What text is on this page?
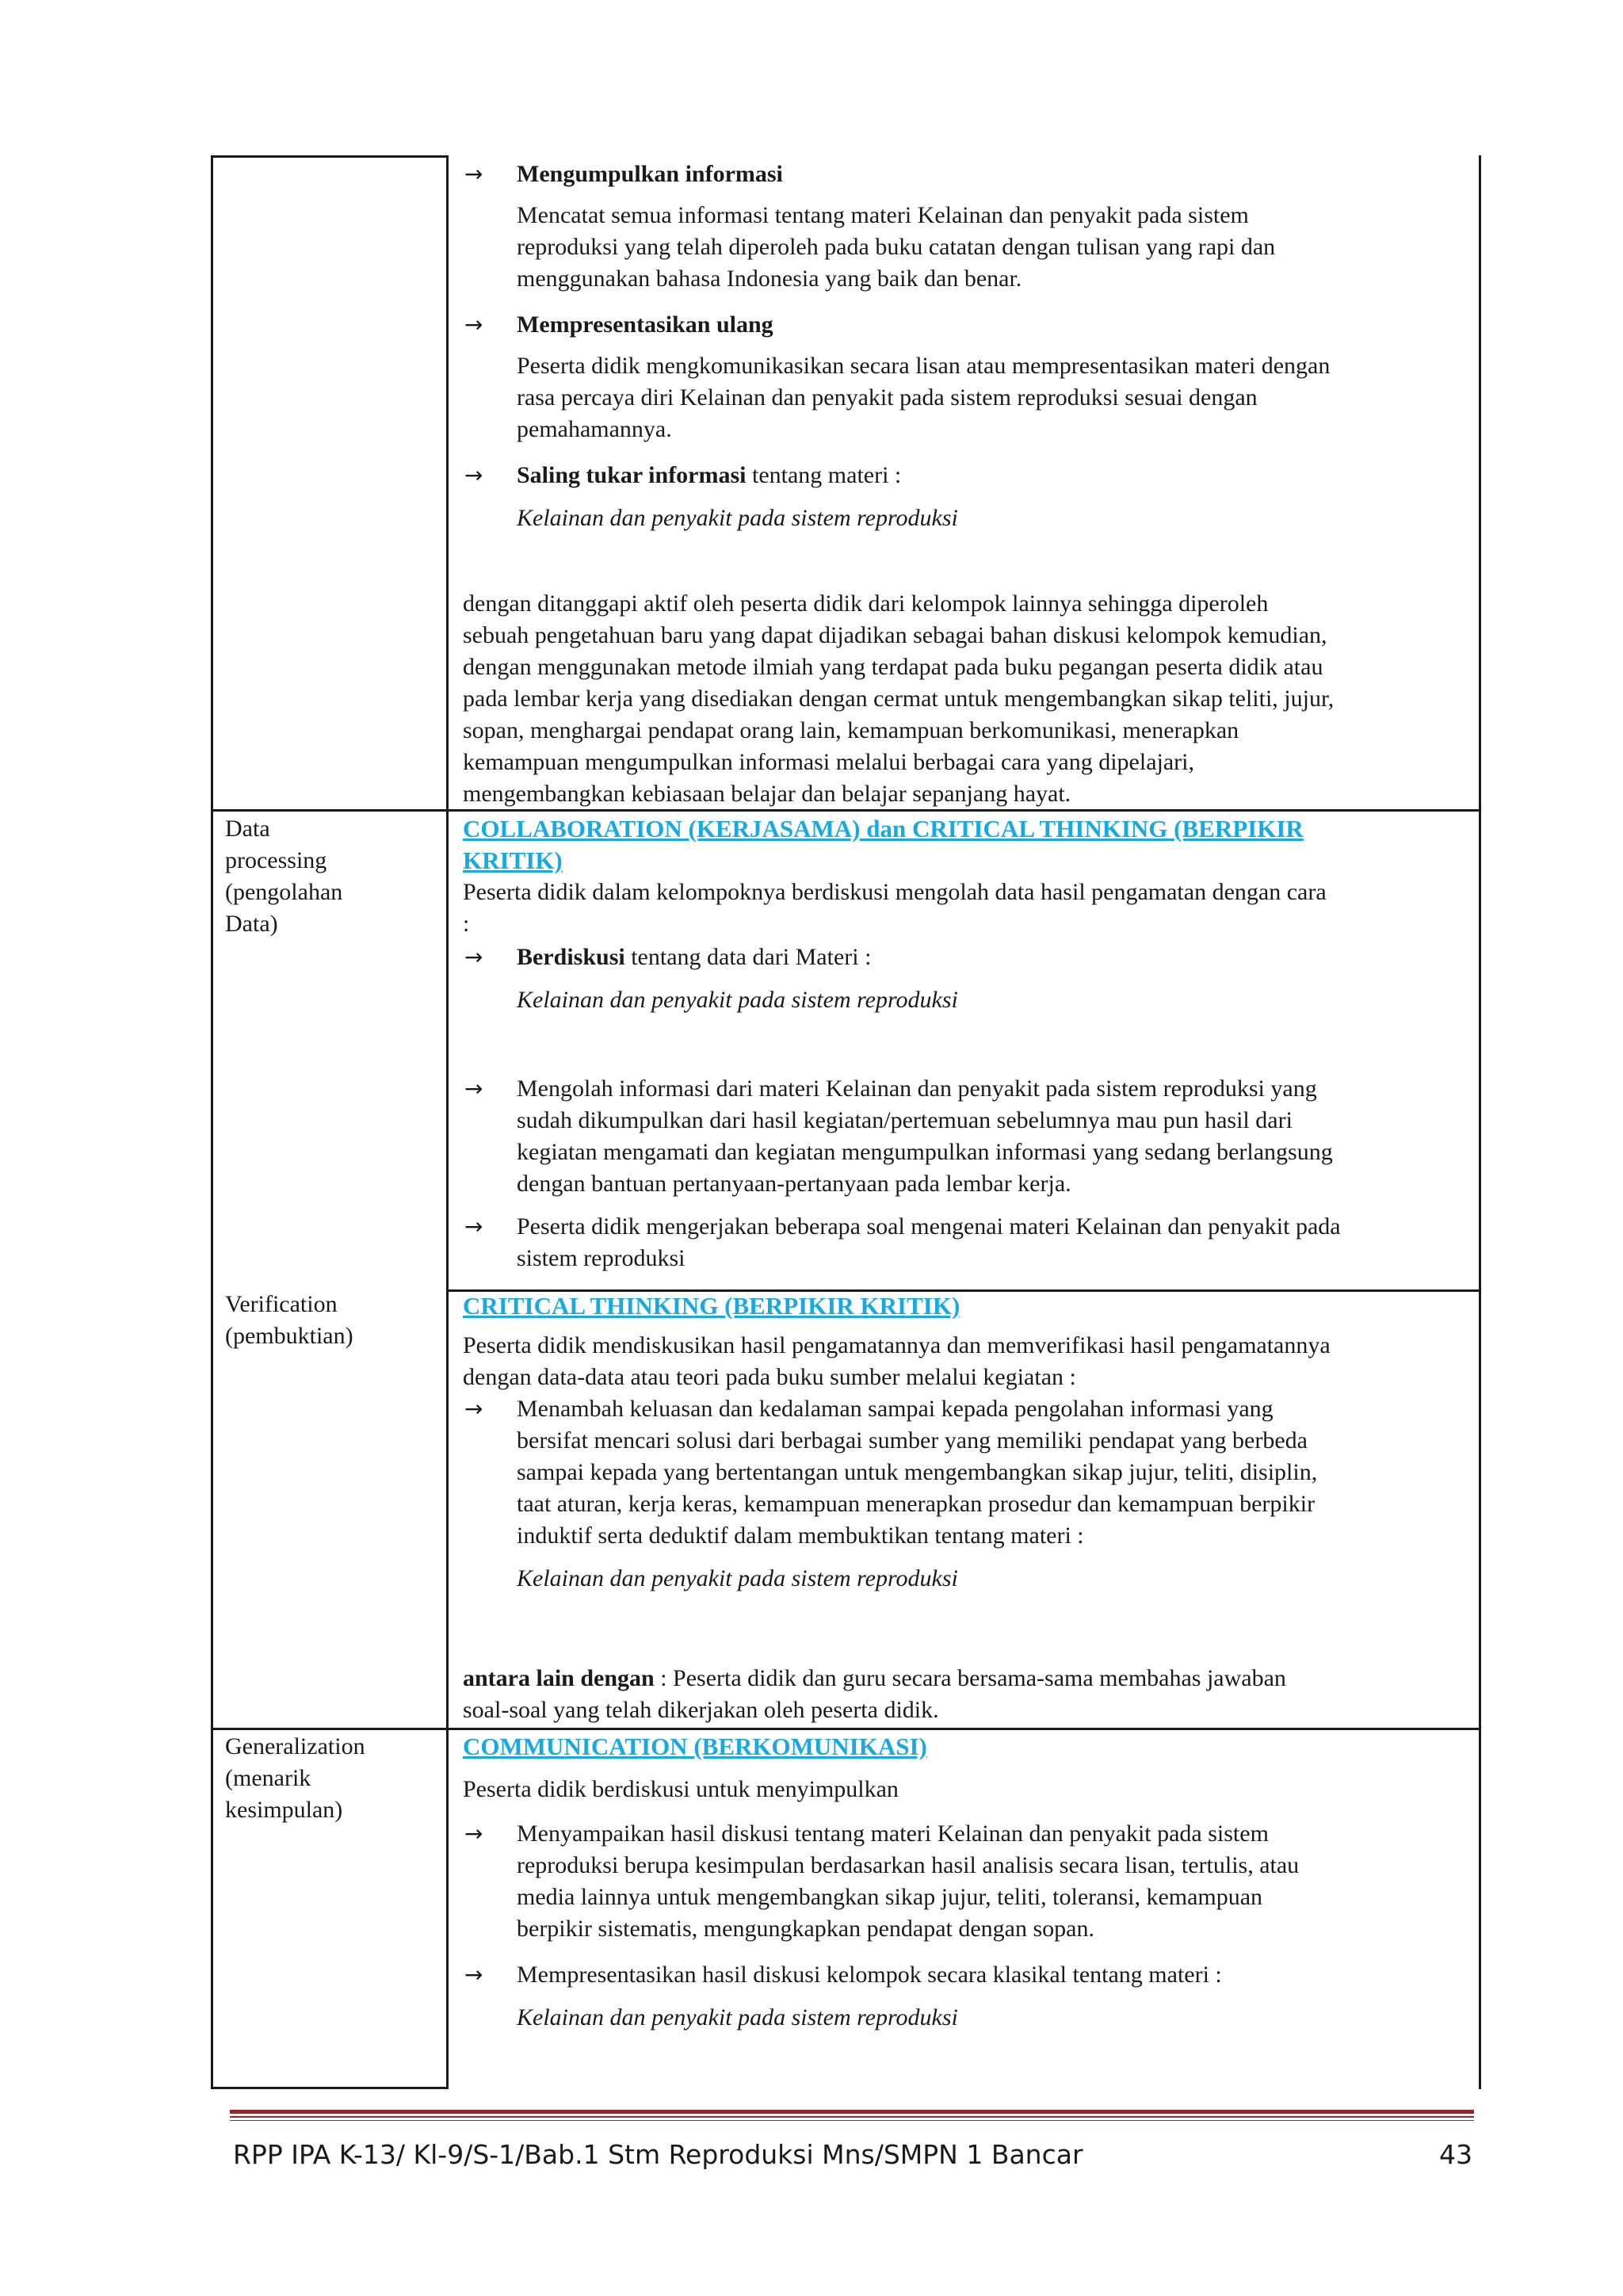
→ Mengumpulkan informasi
Mencatat semua informasi tentang materi Kelainan dan penyakit pada sistem
reproduksi yang telah diperoleh pada buku catatan dengan tulisan yang rapi dan
menggunakan bahasa Indonesia yang baik dan benar.
→ Mempresentasikan ulang
Peserta didik mengkomunikasikan secara lisan atau mempresentasikan materi dengan
rasa percaya diri Kelainan dan penyakit pada sistem reproduksi sesuai dengan
pemahamannya.
→ Saling tukar informasi tentang materi :
Kelainan dan penyakit pada sistem reproduksi
dengan ditanggapi aktif oleh peserta didik dari kelompok lainnya sehingga diperoleh
sebuah pengetahuan baru yang dapat dijadikan sebagai bahan diskusi kelompok kemudian,
dengan menggunakan metode ilmiah yang terdapat pada buku pegangan peserta didik atau
pada lembar kerja yang disediakan dengan cermat untuk mengembangkan sikap teliti, jujur,
sopan, menghargai pendapat orang lain, kemampuan berkomunikasi, menerapkan
kemampuan mengumpulkan informasi melalui berbagai cara yang dipelajari,
mengembangkan kebiasaan belajar dan belajar sepanjang hayat.
Data
processing
(pengolahan
Data)
COLLABORATION (KERJASAMA) dan CRITICAL THINKING (BERPIKIR
KRITIK)
Peserta didik dalam kelompoknya berdiskusi mengolah data hasil pengamatan dengan cara
:
→ Berdiskusi tentang data dari Materi :
Kelainan dan penyakit pada sistem reproduksi
→ Mengolah informasi dari materi Kelainan dan penyakit pada sistem reproduksi yang
sudah dikumpulkan dari hasil kegiatan/pertemuan sebelumnya mau pun hasil dari
kegiatan mengamati dan kegiatan mengumpulkan informasi yang sedang berlangsung
dengan bantuan pertanyaan-pertanyaan pada lembar kerja.
→ Peserta didik mengerjakan beberapa soal mengenai materi Kelainan dan penyakit pada
sistem reproduksi
Verification
(pembuktian)
CRITICAL THINKING (BERPIKIR KRITIK)
Peserta didik mendiskusikan hasil pengamatannya dan memverifikasi hasil pengamatannya
dengan data-data atau teori pada buku sumber melalui kegiatan :
→ Menambah keluasan dan kedalaman sampai kepada pengolahan informasi yang
bersifat mencari solusi dari berbagai sumber yang memiliki pendapat yang berbeda
sampai kepada yang bertentangan untuk mengembangkan sikap jujur, teliti, disiplin,
taat aturan, kerja keras, kemampuan menerapkan prosedur dan kemampuan berpikir
induktif serta deduktif dalam membuktikan tentang materi :
Kelainan dan penyakit pada sistem reproduksi
antara lain dengan : Peserta didik dan guru secara bersama-sama membahas jawaban
soal-soal yang telah dikerjakan oleh peserta didik.
Generalization
(menarik
kesimpulan)
COMMUNICATION (BERKOMUNIKASI)
Peserta didik berdiskusi untuk menyimpulkan
→ Menyampaikan hasil diskusi tentang materi Kelainan dan penyakit pada sistem
reproduksi berupa kesimpulan berdasarkan hasil analisis secara lisan, tertulis, atau
media lainnya untuk mengembangkan sikap jujur, teliti, toleransi, kemampuan
berpikir sistematis, mengungkapkan pendapat dengan sopan.
→ Mempresentasikan hasil diskusi kelompok secara klasikal tentang materi :
Kelainan dan penyakit pada sistem reproduksi
RPP IPA K-13/ Kl-9/S-1/Bab.1 Stm Reproduksi Mns/SMPN 1 Bancar	43
